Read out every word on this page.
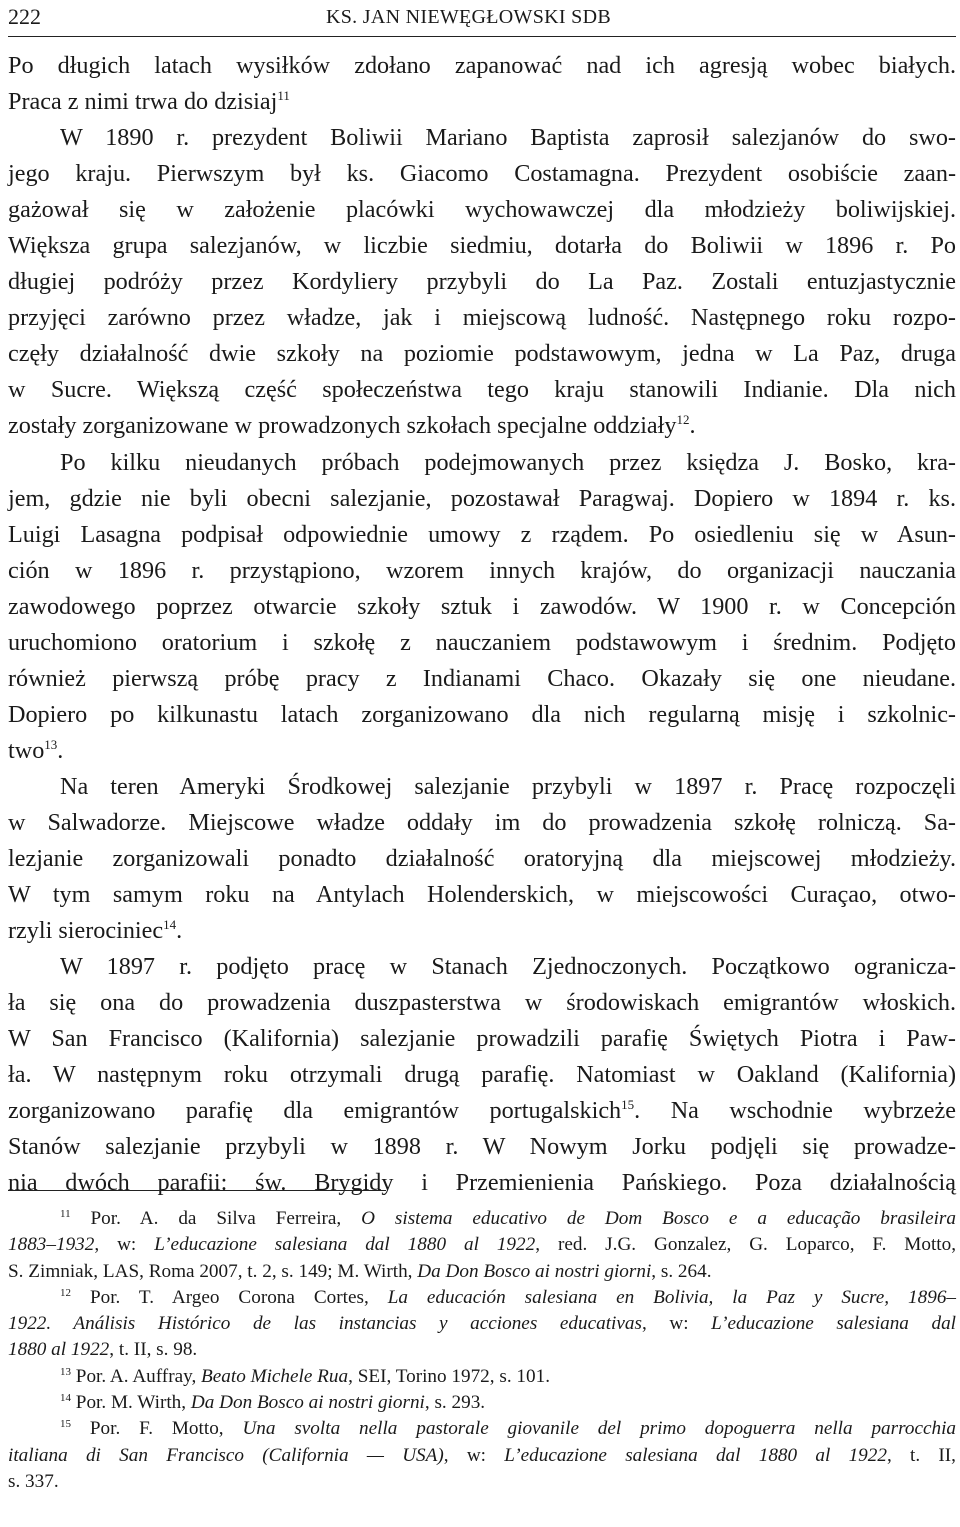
222	KS. JAN NIEWĘGŁOWSKI SDB
Po długich latach wysiłków zdołano zapanować nad ich agresją wobec białych.
Praca z nimi trwa do dzisiaj$^{11}$
W 1890 r. prezydent Boliwii Mariano Baptista zaprosił salezjanów do swo-
jego kraju. Pierwszym był ks. Giacomo Costamagna. Prezydent osobiście zaan-
gażował się w założenie placówki wychowawczej dla młodzieży boliwijskiej.
Większa grupa salezjanów, w liczbie siedmiu, dotarła do Boliwii w 1896 r. Po
długiej podróży przez Kordyliery przybyli do La Paz. Zostali entuzjastycznie
przyjęci zarówno przez władze, jak i miejscową ludność. Następnego roku rozpo-
częły działalność dwie szkoły na poziomie podstawowym, jedna w La Paz, druga
w Sucre. Większą część społeczeństwa tego kraju stanowili Indianie. Dla nich
zostały zorganizowane w prowadzonych szkołach specjalne oddziały$^{12}$.
Po kilku nieudanych próbach podejmowanych przez księdza J. Bosko, kra-
jem, gdzie nie byli obecni salezjanie, pozostawał Paragwaj. Dopiero w 1894 r. ks.
Luigi Lasagna podpisał odpowiednie umowy z rządem. Po osiedleniu się w Asun-
ción w 1896 r. przystąpiono, wzorem innych krajów, do organizacji nauczania
zawodowego poprzez otwarcie szkoły sztuk i zawodów. W 1900 r. w Concepción
uruchomiono oratorium i szkołę z nauczaniem podstawowym i średnim. Podjęto
również pierwszą próbę pracy z Indianami Chaco. Okazały się one nieudane.
Dopiero po kilkunastu latach zorganizowano dla nich regularną misję i szkolnic-
two$^{13}$.
Na teren Ameryki Środkowej salezjanie przybyli w 1897 r. Pracę rozpoczęli
w Salwadorze. Miejscowe władze oddały im do prowadzenia szkołę rolniczą. Sa-
lezjanie zorganizowali ponadto działalność oratoryjną dla miejscowej młodzieży.
W tym samym roku na Antylach Holenderskich, w miejscowości Curaçao, otwo-
rzyli sierociniec$^{14}$.
W 1897 r. podjęto pracę w Stanach Zjednoczonych. Początkowo ogranicza-
ła się ona do prowadzenia duszpasterstwa w środowiskach emigrantów włoskich.
W San Francisco (Kalifornia) salezjanie prowadzili parafię Świętych Piotra i Paw-
ła. W następnym roku otrzymali drugą parafię. Natomiast w Oakland (Kalifornia)
zorganizowano parafię dla emigrantów portugalskich$^{15}$. Na wschodnie wybrzeże
Stanów salezjanie przybyli w 1898 r. W Nowym Jorku podjęli się prowadze-
nia dwóch parafii: św. Brygidy i Przemienienia Pańskiego. Poza działalnością
$^{11}$ Por. A. da Silva Ferreira, O sistema educativo de Dom Bosco e a educação brasileira
1883–1932, w: L’educazione salesiana dal 1880 al 1922, red. J.G. Gonzalez, G. Loparco, F. Motto,
S. Zimniak, LAS, Roma 2007, t. 2, s. 149; M. Wirth, Da Don Bosco ai nostri giorni, s. 264.
$^{12}$ Por. T. Argeo Corona Cortes, La educación salesiana en Bolivia, la Paz y Sucre, 1896–
1922. Análisis Histórico de las instancias y acciones educativas, w: L’educazione salesiana dal
1880 al 1922, t. II, s. 98.
$^{13}$ Por. A. Auffray, Beato Michele Rua, SEI, Torino 1972, s. 101.
$^{14}$ Por. M. Wirth, Da Don Bosco ai nostri giorni, s. 293.
$^{15}$ Por. F. Motto, Una svolta nella pastorale giovanile del primo dopoguerra nella parrocchia
italiana di San Francisco (California — USA), w: L’educazione salesiana dal 1880 al 1922, t. II,
s. 337.
